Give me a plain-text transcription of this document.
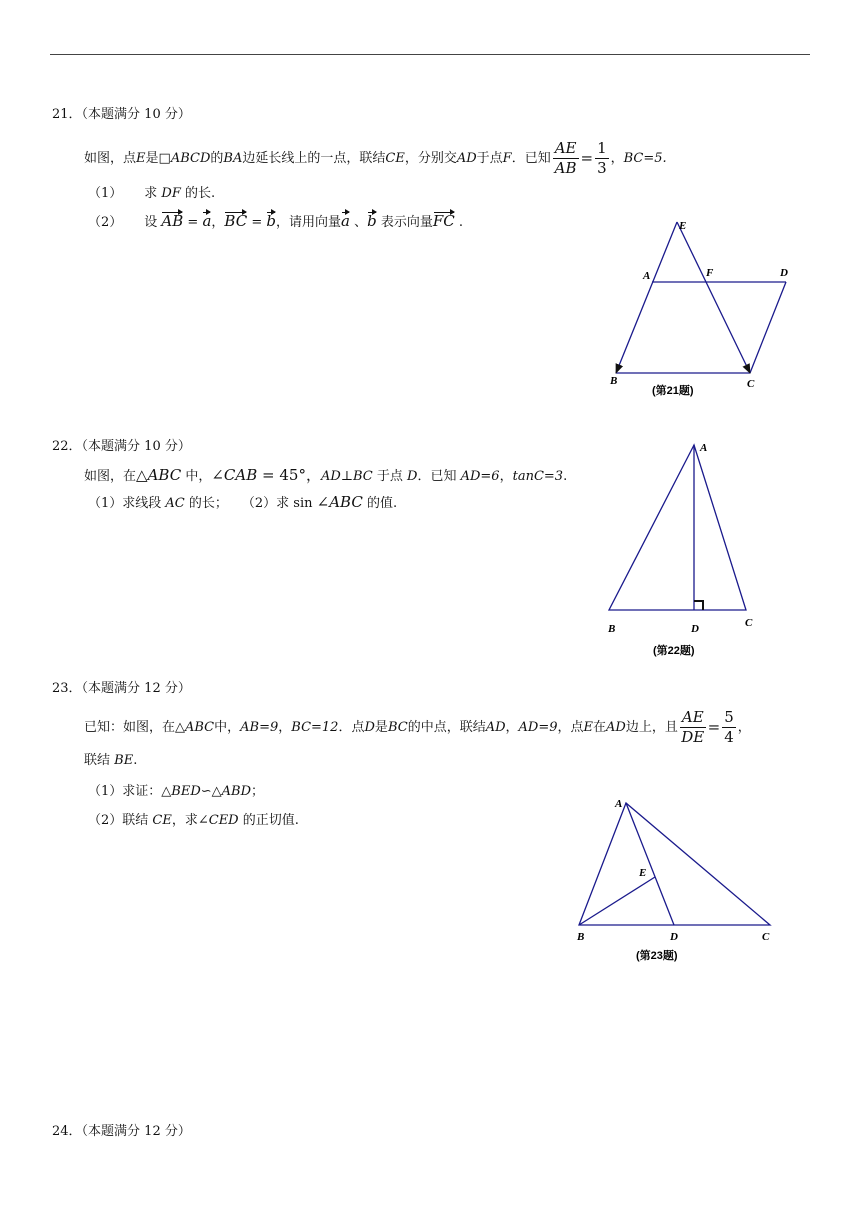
21．（本题满分 10 分）
如图，点 E 是 □ ABCD 的 BA 边延长线上的一点，联结 CE ，分别交 AD 于点 F ．已知 $\frac{AE}{AB} = \frac{1}{3}$ ， BC=5.
（1） 求 DF 的长.
（2） 设 AB = a，BC = b，请用向量a 、b 表示向量FC .	E
A	F	D
B	C
(第21题)
22．（本题满分 10 分）
如图，在△ABC 中，∠CAB = 45°，AD⊥BC 于点 D．已知 AD=6，tanC=3.
（1）求线段 AC 的长； （2）求 sin ∠ABC 的值.
A
B	D	C
(第22题)
23．（本题满分 12 分）
已知：如图，在△ ABC 中， AB=9 ， BC=12 ．点 D 是 BC 的中点，联结 AD ， AD=9 ，点 E 在 AD 边上，且 $\frac{AE}{DE} = \frac{5}{4}$ ，
联结 BE.
（1）求证：△BED∽△ABD；
（2）联结 CE，求∠CED 的正切值.
A
E
B	D	C
(第23题)
24．（本题满分 12 分）
